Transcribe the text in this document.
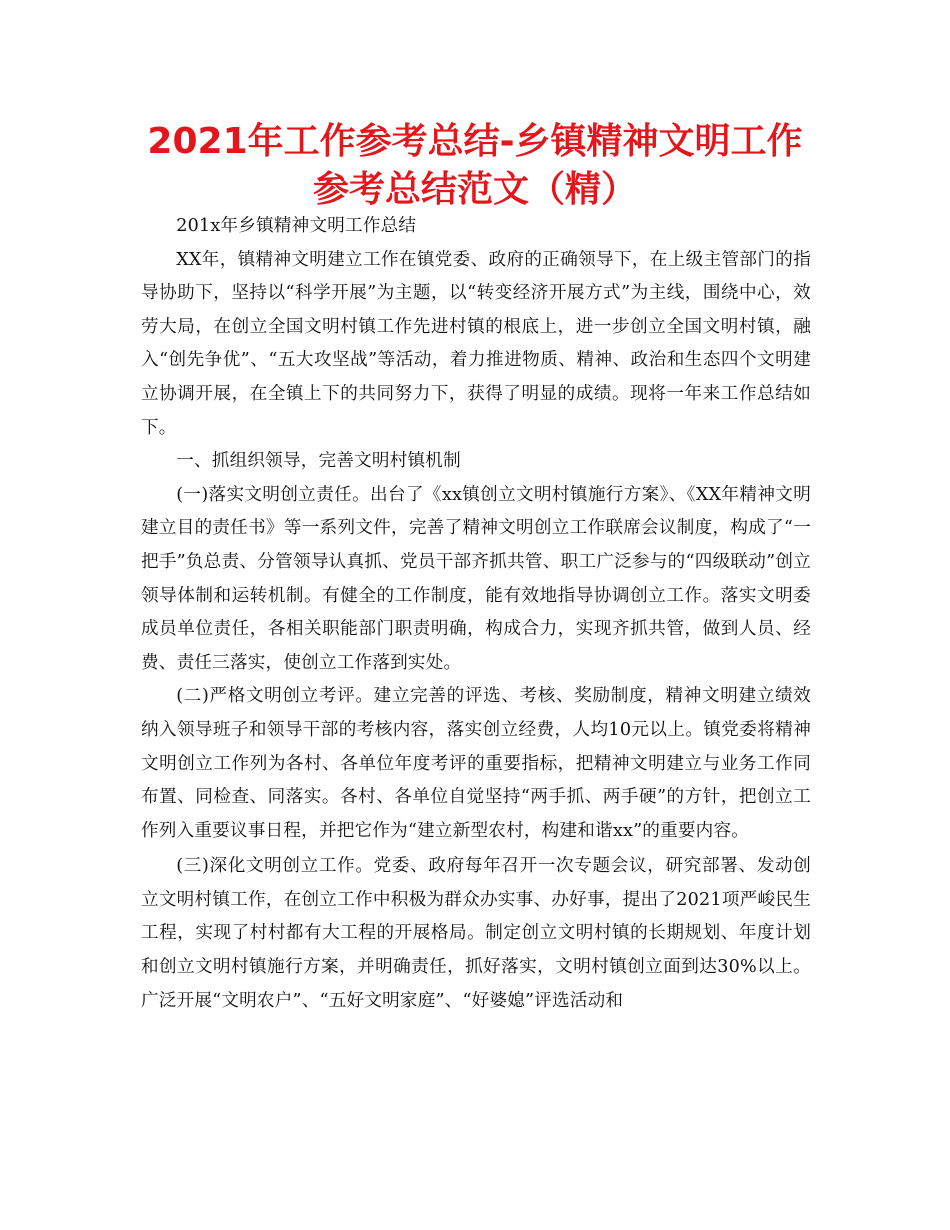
2021年工作参考总结-乡镇精神文明工作参考总结范文（精）

201x年乡镇精神文明工作总结

XX年，镇精神文明建立工作在镇党委、政府的正确领导下，在上级主管部门的指导协助下，坚持以“科学开展”为主题，以“转变经济开展方式”为主线，围绕中心，效劳大局，在创立全国文明村镇工作先进村镇的根底上，进一步创立全国文明村镇，融入“创先争优”、“五大攻坚战”等活动，着力推进物质、精神、政治和生态四个文明建立协调开展，在全镇上下的共同努力下，获得了明显的成绩。现将一年来工作总结如下。

一、抓组织领导，完善文明村镇机制

(一)落实文明创立责任。出台了《xx镇创立文明村镇施行方案》、《XX年精神文明建立目的责任书》等一系列文件，完善了精神文明创立工作联席会议制度，构成了“一把手”负总责、分管领导认真抓、党员干部齐抓共管、职工广泛参与的“四级联动”创立领导体制和运转机制。有健全的工作制度，能有效地指导协调创立工作。落实文明委成员单位责任，各相关职能部门职责明确，构成合力，实现齐抓共管，做到人员、经费、责任三落实，使创立工作落到实处。

(二)严格文明创立考评。建立完善的评选、考核、奖励制度，精神文明建立绩效纳入领导班子和领导干部的考核内容，落实创立经费，人均10元以上。镇党委将精神文明创立工作列为各村、各单位年度考评的重要指标，把精神文明建立与业务工作同布置、同检查、同落实。各村、各单位自觉坚持“两手抓、两手硬”的方针，把创立工作列入重要议事日程，并把它作为“建立新型农村，构建和谐xx”的重要内容。

(三)深化文明创立工作。党委、政府每年召开一次专题会议，研究部署、发动创立文明村镇工作，在创立工作中积极为群众办实事、办好事，提出了2021项严峻民生工程，实现了村村都有大工程的开展格局。制定创立文明村镇的长期规划、年度计划和创立文明村镇施行方案，并明确责任，抓好落实，文明村镇创立面到达30%以上。广泛开展“文明农户”、“五好文明家庭”、“好婆媳”评选活动和
